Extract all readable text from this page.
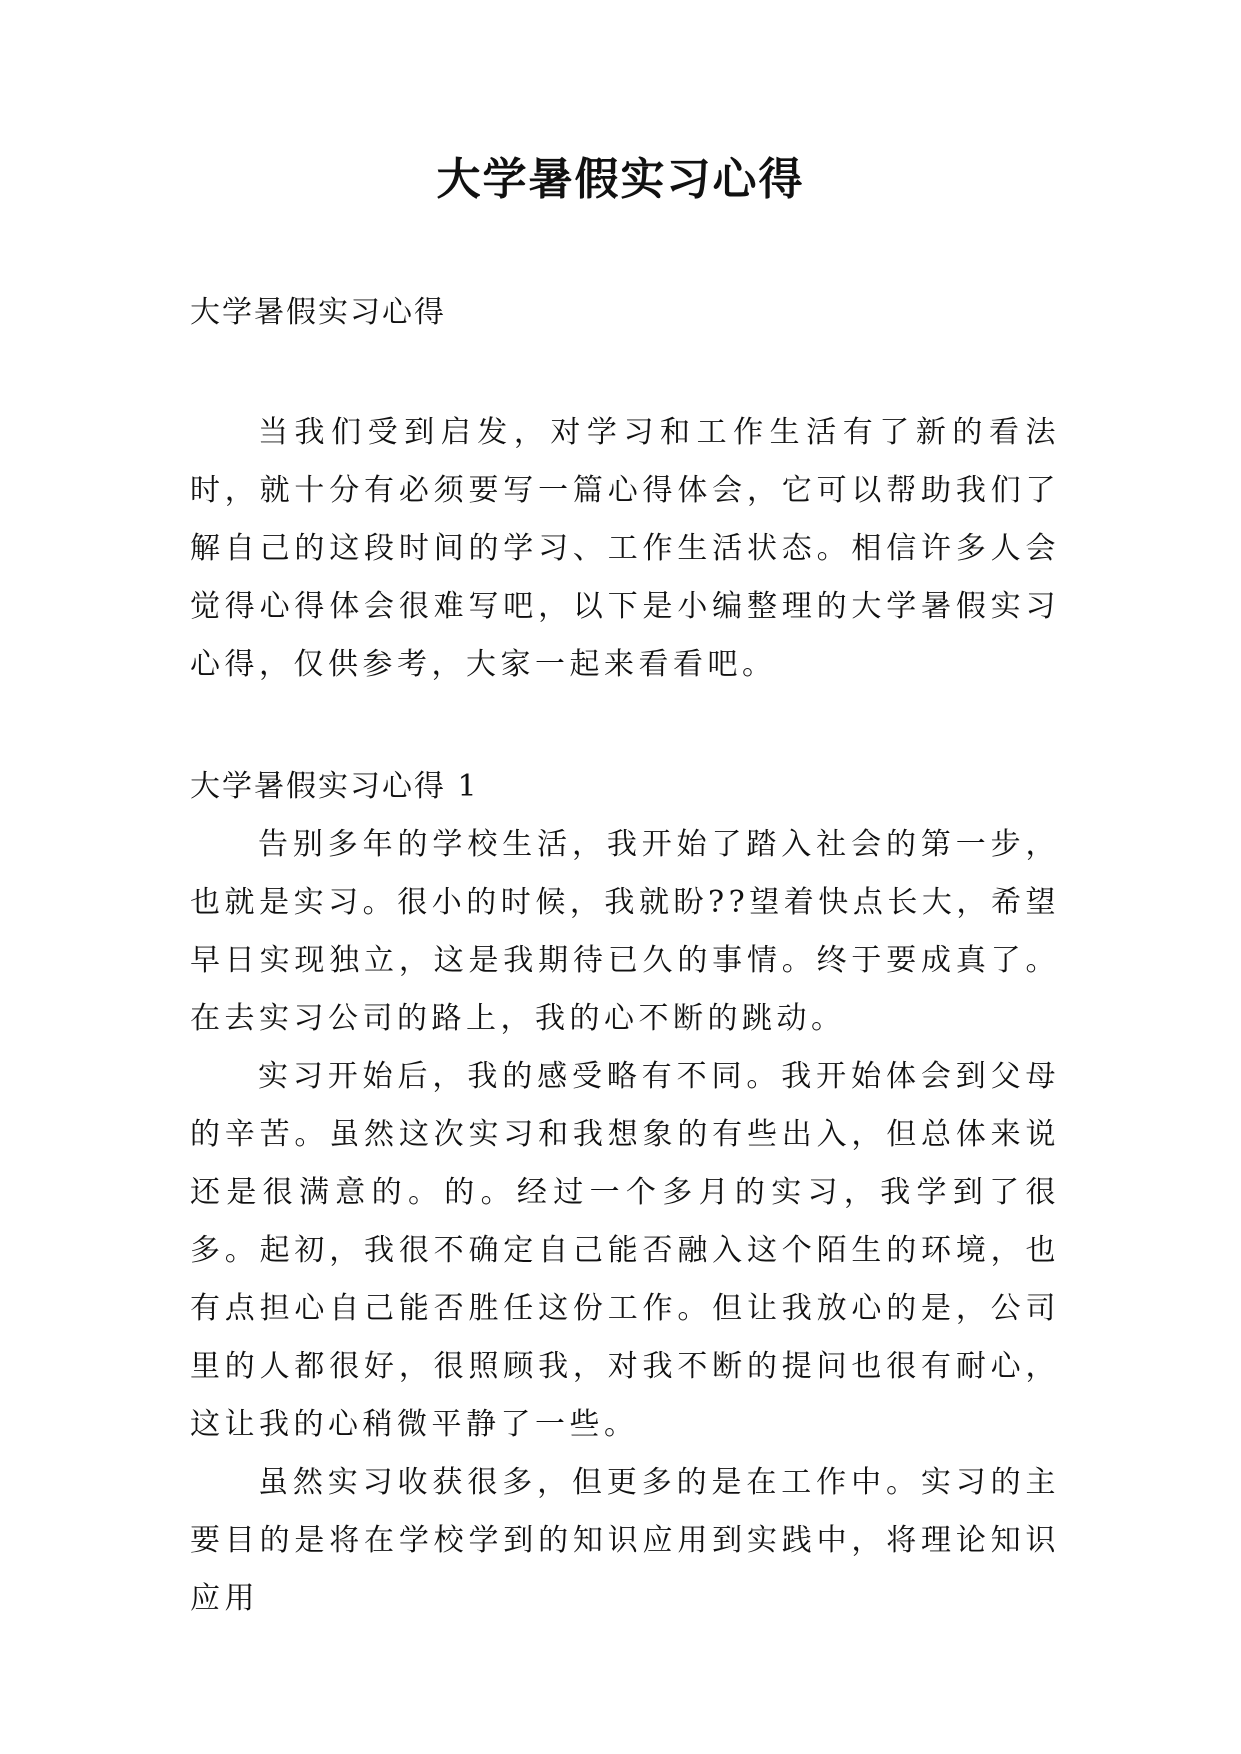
大学暑假实习心得

大学暑假实习心得

当我们受到启发，对学习和工作生活有了新的看法时，就十分有必须要写一篇心得体会，它可以帮助我们了解自己的这段时间的学习、工作生活状态。相信许多人会觉得心得体会很难写吧，以下是小编整理的大学暑假实习心得，仅供参考，大家一起来看看吧。

大学暑假实习心得 1

告别多年的学校生活，我开始了踏入社会的第一步，也就是实习。很小的时候，我就盼??望着快点长大，希望早日实现独立，这是我期待已久的事情。终于要成真了。在去实习公司的路上，我的心不断的跳动。

实习开始后，我的感受略有不同。我开始体会到父母的辛苦。虽然这次实习和我想象的有些出入，但总体来说还是很满意的。的。经过一个多月的实习，我学到了很多。起初，我很不确定自己能否融入这个陌生的环境，也有点担心自己能否胜任这份工作。但让我放心的是，公司里的人都很好，很照顾我，对我不断的提问也很有耐心，这让我的心稍微平静了一些。

虽然实习收获很多，但更多的是在工作中。实习的主要目的是将在学校学到的知识应用到实践中，将理论知识应用
